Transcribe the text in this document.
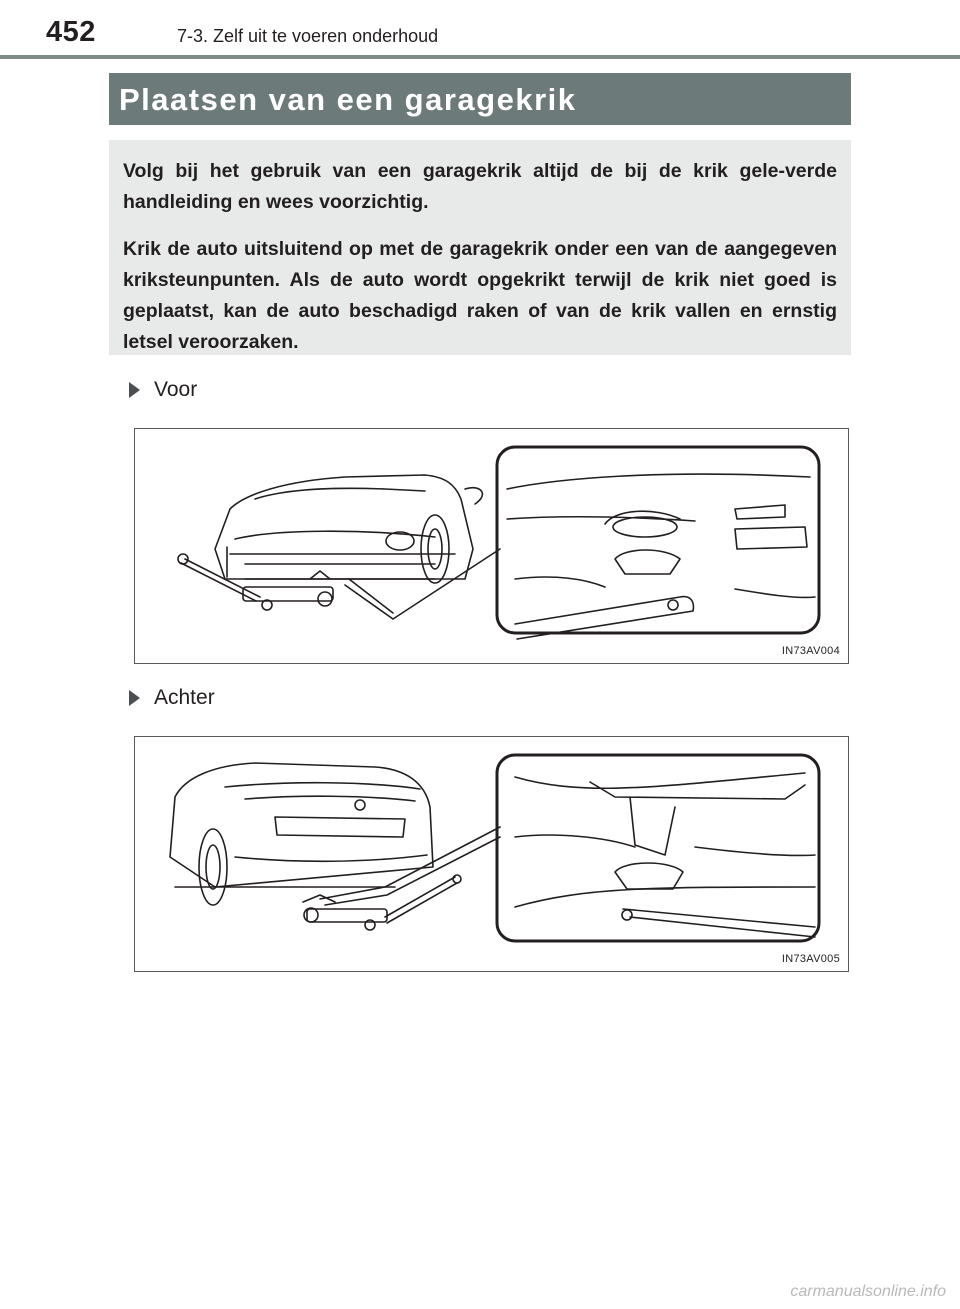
452	7-3. Zelf uit te voeren onderhoud
Plaatsen van een garagekrik

Volg bij het gebruik van een garagekrik altijd de bij de krik gele-verde handleiding en wees voorzichtig.

Krik de auto uitsluitend op met de garagekrik onder een van de aangegeven kriksteunpunten. Als de auto wordt opgekrikt terwijl de krik niet goed is geplaatst, kan de auto beschadigd raken of van de krik vallen en ernstig letsel veroorzaken.

Voor
IN73AV004
Achter
IN73AV005
carmanualsonline.info
